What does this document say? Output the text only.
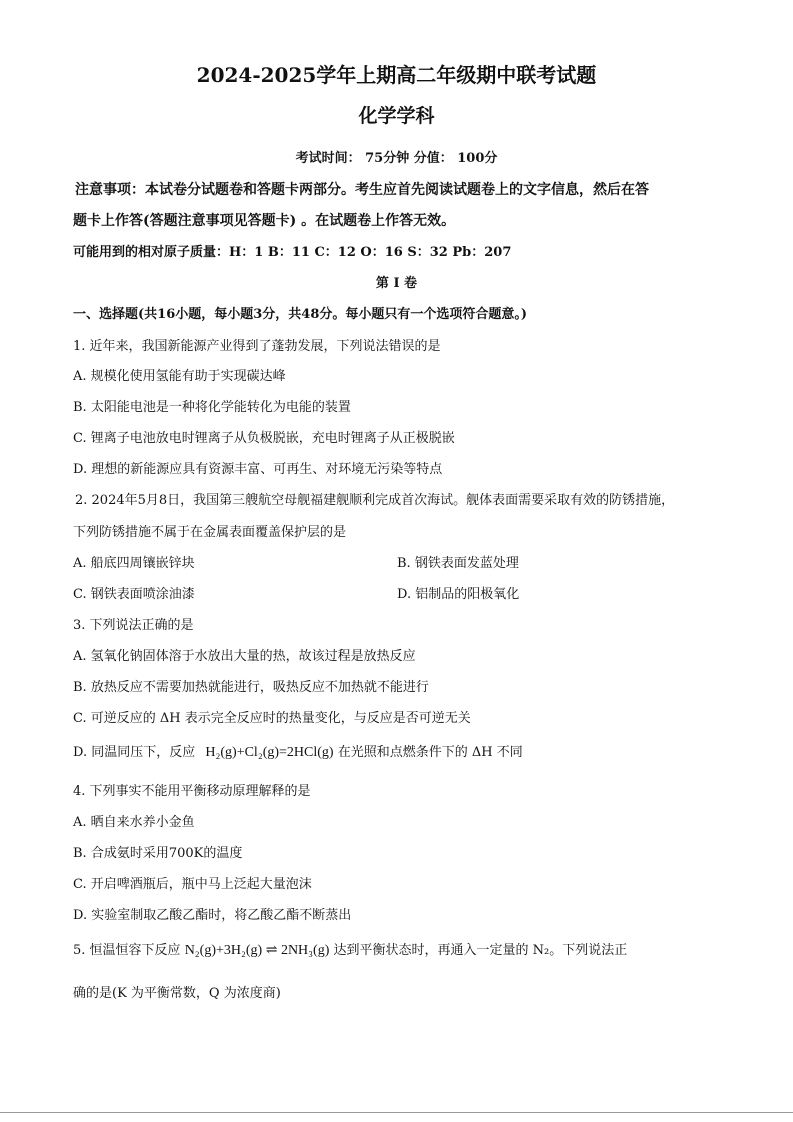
2024-2025学年上期高二年级期中联考试题
化学学科
考试时间： 75分钟 分值： 100分
注意事项：本试卷分试题卷和答题卡两部分。考生应首先阅读试题卷上的文字信息，然后在答
题卡上作答(答题注意事项见答题卡) 。在试题卷上作答无效。
可能用到的相对原子质量：H：1 B：11 C：12 O：16 S：32 Pb：207
第 I 卷
一、选择题(共16小题，每小题3分，共48分。每小题只有一个选项符合题意。)
1. 近年来，我国新能源产业得到了蓬勃发展，下列说法错误的是
A. 规模化使用氢能有助于实现碳达峰
B. 太阳能电池是一种将化学能转化为电能的装置
C. 锂离子电池放电时锂离子从负极脱嵌，充电时锂离子从正极脱嵌
D. 理想的新能源应具有资源丰富、可再生、对环境无污染等特点
2. 2024年5月8日，我国第三艘航空母舰福建舰顺利完成首次海试。舰体表面需要采取有效的防锈措施，
下列防锈措施不属于在金属表面覆盖保护层的是
A. 船底四周镶嵌锌块	B. 钢铁表面发蓝处理
C. 钢铁表面喷涂油漆	D. 铝制品的阳极氧化
3. 下列说法正确的是
A. 氢氧化钠固体溶于水放出大量的热，故该过程是放热反应
B. 放热反应不需要加热就能进行，吸热反应不加热就不能进行
C. 可逆反应的 ΔH 表示完全反应时的热量变化，与反应是否可逆无关
D. 同温同压下，反应 H₂(g)+Cl₂(g)=2HCl(g) 在光照和点燃条件下的 ΔH 不同
4. 下列事实不能用平衡移动原理解释的是
A. 晒自来水养小金鱼
B. 合成氨时采用700K的温度
C. 开启啤酒瓶后，瓶中马上泛起大量泡沫
D. 实验室制取乙酸乙酯时，将乙酸乙酯不断蒸出
5. 恒温恒容下反应 N₂(g)+3H₂(g) ⇌ 2NH₃(g) 达到平衡状态时，再通入一定量的 N₂。下列说法正
确的是(K 为平衡常数，Q 为浓度商)
